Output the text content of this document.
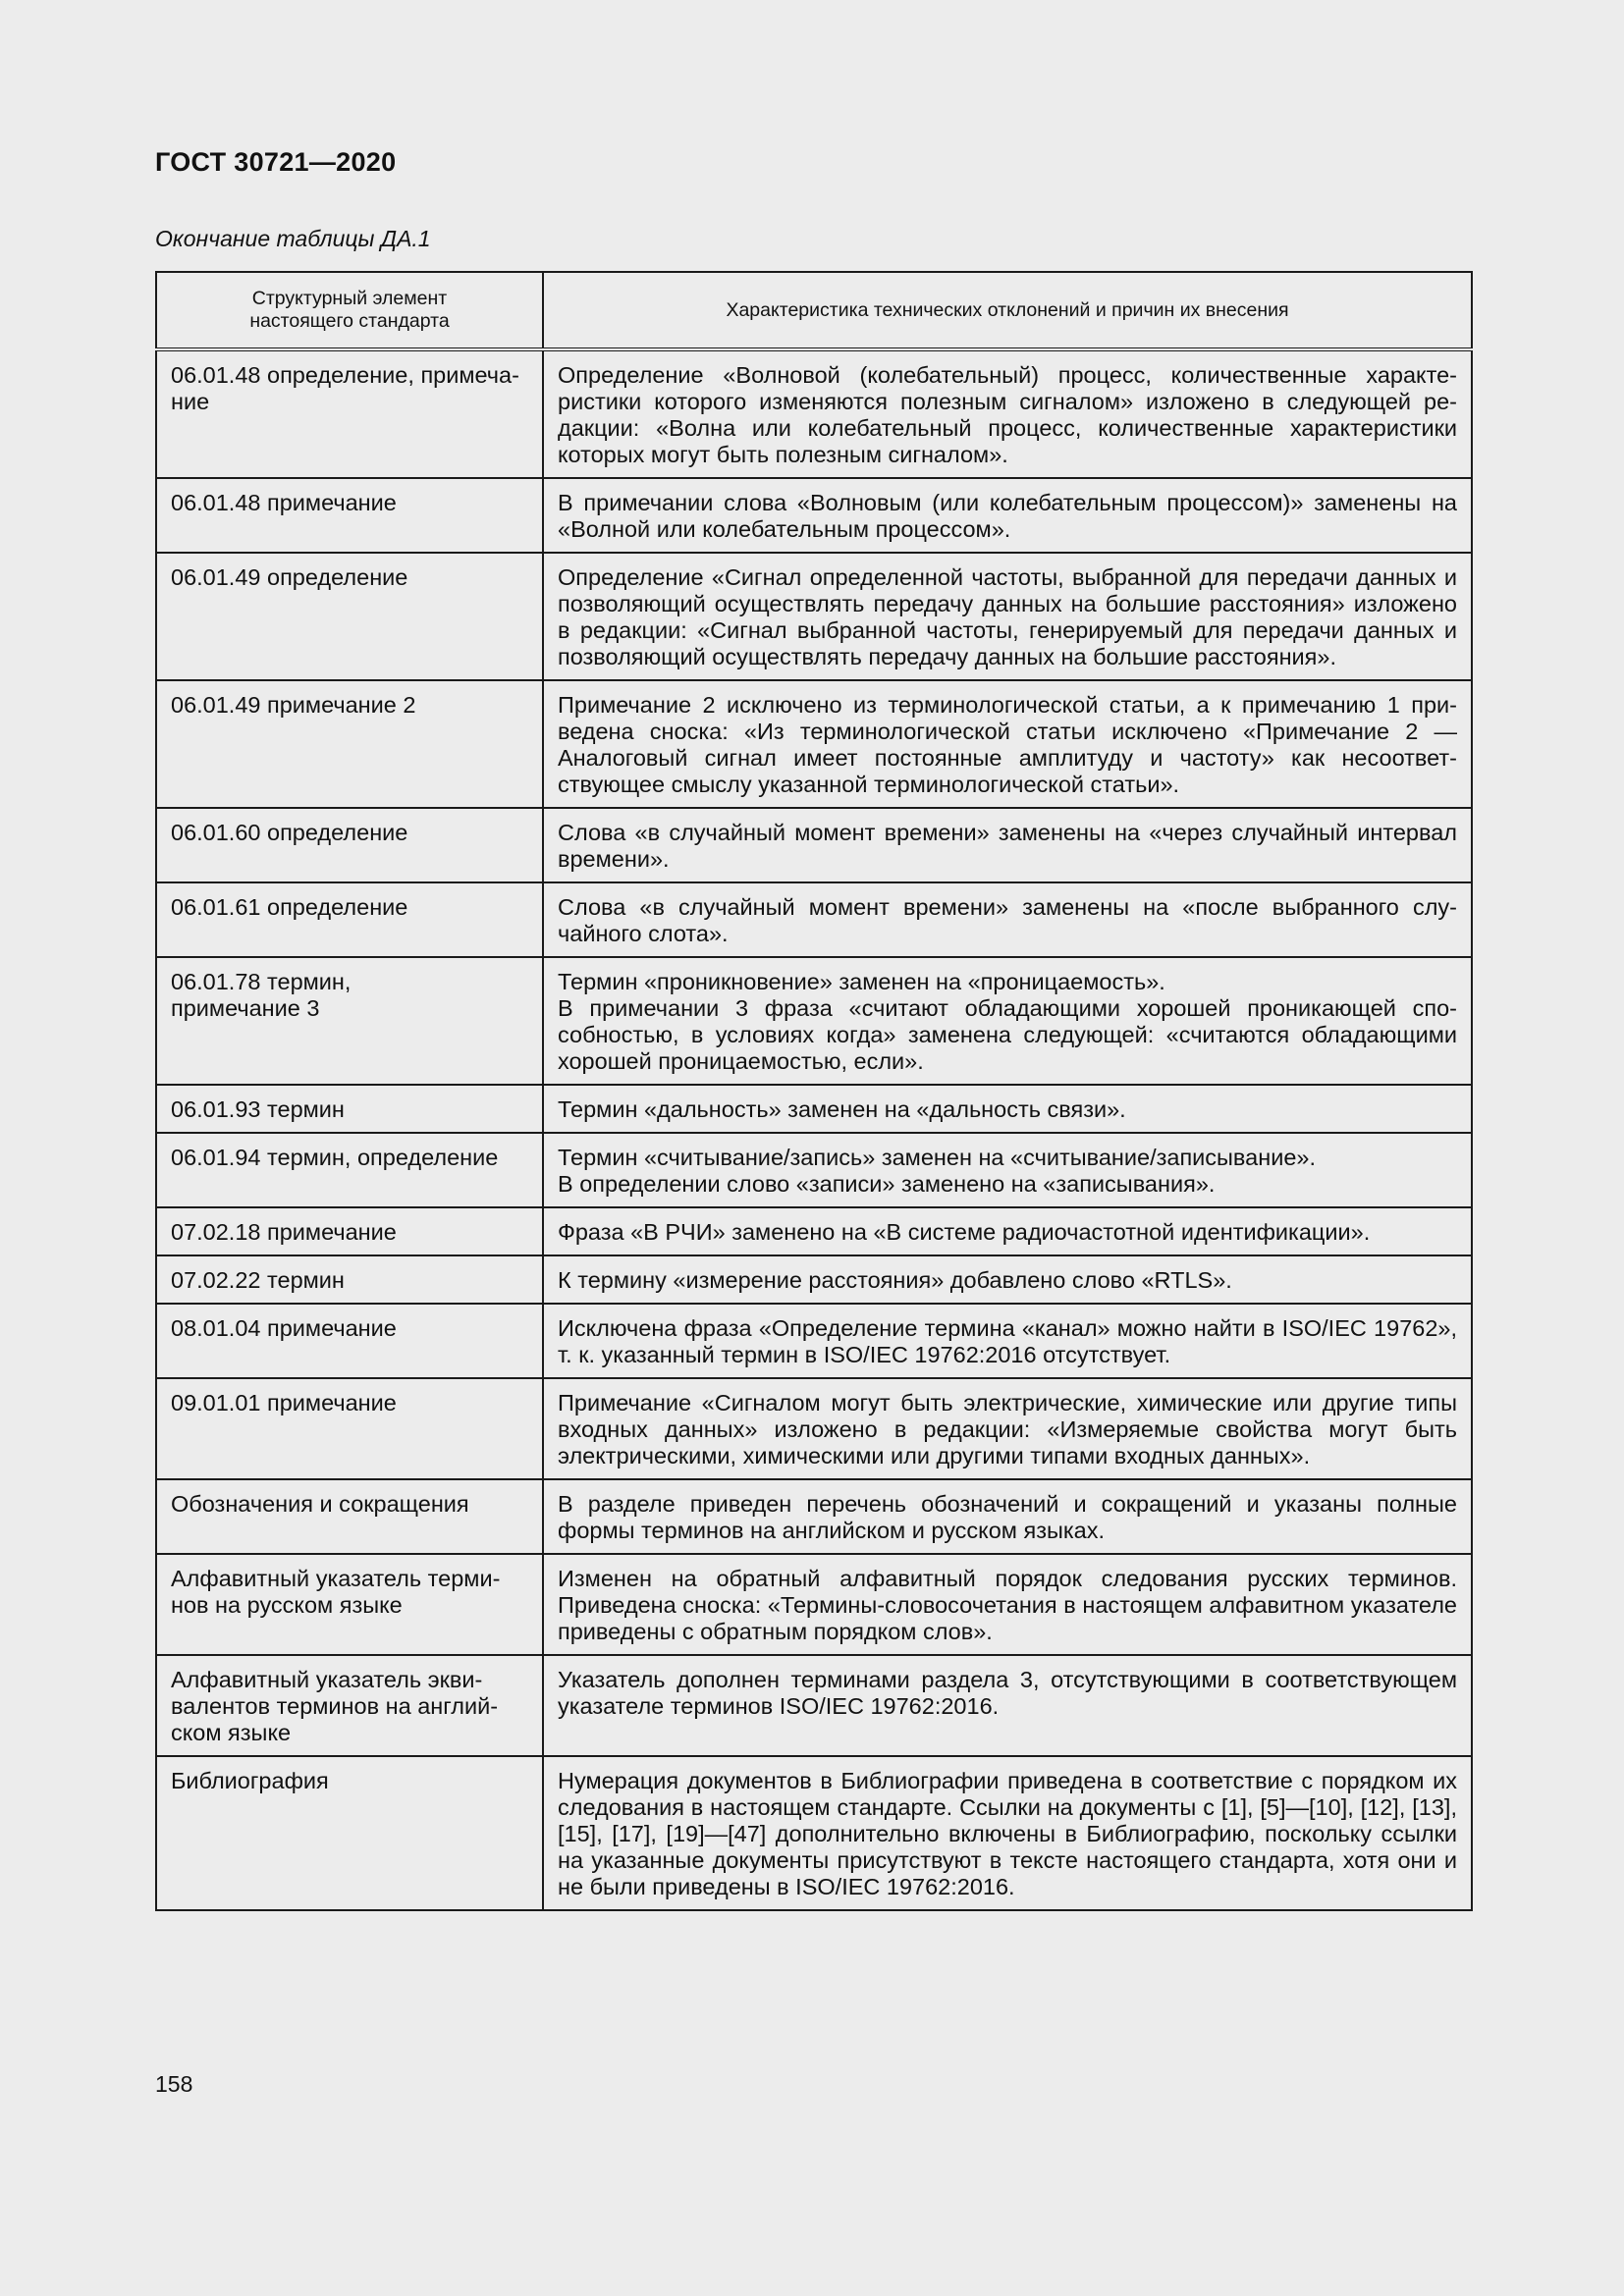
ГОСТ 30721—2020
Окончание таблицы ДА.1
Структурный элемент
настоящего стандарта	Характеристика технических отклонений и причин их внесения
06.01.48 определение, примечание	Определение «Волновой (колебательный) процесс, количественные характеристики которого изменяются полезным сигналом» изложено в следующей редакции: «Волна или колебательный процесс, количественные характеристики которых могут быть полезным сигналом».
06.01.48 примечание	В примечании слова «Волновым (или колебательным процессом)» заменены на «Волной или колебательным процессом».
06.01.49 определение	Определение «Сигнал определенной частоты, выбранной для передачи данных и позволяющий осуществлять передачу данных на большие расстояния» изложено в редакции: «Сигнал выбранной частоты, генерируемый для передачи данных и позволяющий осуществлять передачу данных на большие расстояния».
06.01.49 примечание 2	Примечание 2 исключено из терминологической статьи, а к примечанию 1 приведена сноска: «Из терминологической статьи исключено «Примечание 2 — Аналоговый сигнал имеет постоянные амплитуду и частоту» как несоответствующее смыслу указанной терминологической статьи».
06.01.60 определение	Слова «в случайный момент времени» заменены на «через случайный интервал времени».
06.01.61 определение	Слова «в случайный момент времени» заменены на «после выбранного случайного слота».
06.01.78 термин,
примечание 3	Термин «проникновение» заменен на «проницаемость».
В примечании 3 фраза «считают обладающими хорошей проникающей способностью, в условиях когда» заменена следующей: «считаются обладающими хорошей проницаемостью, если».
06.01.93 термин	Термин «дальность» заменен на «дальность связи».
06.01.94 термин, определение	Термин «считывание/запись» заменен на «считывание/записывание».
В определении слово «записи» заменено на «записывания».
07.02.18 примечание	Фраза «В РЧИ» заменено на «В системе радиочастотной идентификации».
07.02.22 термин	К термину «измерение расстояния» добавлено слово «RTLS».
08.01.04 примечание	Исключена фраза «Определение термина «канал» можно найти в ISO/IEC 19762», т. к. указанный термин в ISO/IEC 19762:2016 отсутствует.
09.01.01 примечание	Примечание «Сигналом могут быть электрические, химические или другие типы входных данных» изложено в редакции: «Измеряемые свойства могут быть электрическими, химическими или другими типами входных данных».
Обозначения и сокращения	В разделе приведен перечень обозначений и сокращений и указаны полные формы терминов на английском и русском языках.
Алфавитный указатель терминов на русском языке	Изменен на обратный алфавитный порядок следования русских терминов. Приведена сноска: «Термины-словосочетания в настоящем алфавитном указателе приведены с обратным порядком слов».
Алфавитный указатель эквивалентов терминов на английском языке	Указатель дополнен терминами раздела 3, отсутствующими в соответствующем указателе терминов ISO/IEC 19762:2016.
Библиография	Нумерация документов в Библиографии приведена в соответствие с порядком их следования в настоящем стандарте. Ссылки на документы с [1], [5]—[10], [12], [13], [15], [17], [19]—[47] дополнительно включены в Библиографию, поскольку ссылки на указанные документы присутствуют в тексте настоящего стандарта, хотя они и не были приведены в ISO/IEC 19762:2016.
158
